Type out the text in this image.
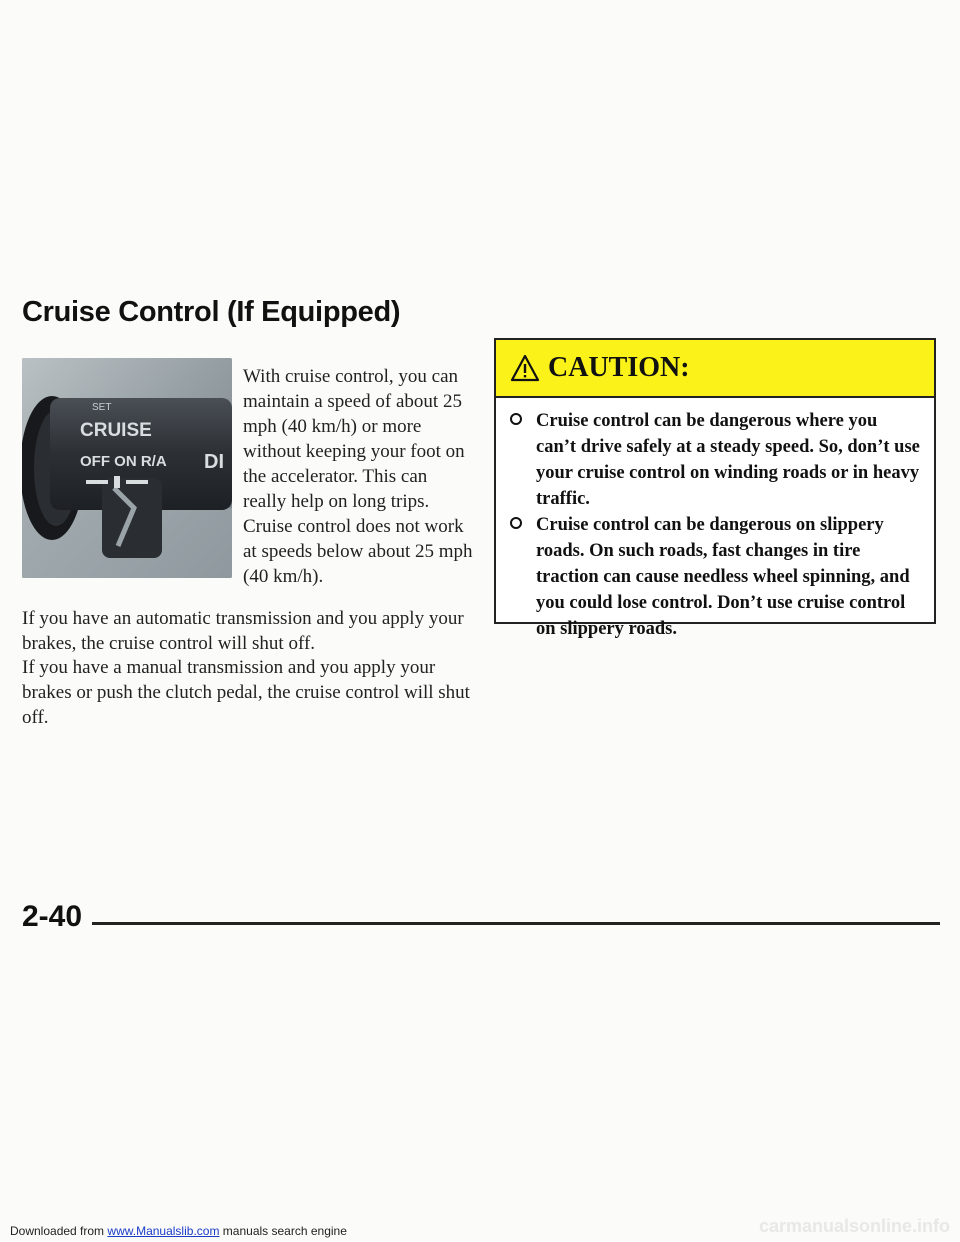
Cruise Control (If Equipped)
SET
CRUISE
OFF ON R/A DI

With cruise control, you can maintain a speed of about 25 mph (40 km/h) or more without keeping your foot on the accelerator. This can really help on long trips. Cruise control does not work at speeds below about 25 mph (40 km/h).

If you have an automatic transmission and you apply your brakes, the cruise control will shut off.

If you have a manual transmission and you apply your brakes or push the clutch pedal, the cruise control will shut off.

CAUTION:
Cruise control can be dangerous where you can’t drive safely at a steady speed. So, don’t use your cruise control on winding roads or in heavy traffic.
Cruise control can be dangerous on slippery roads. On such roads, fast changes in tire traction can cause needless wheel spinning, and you could lose control. Don’t use cruise control on slippery roads.
2-40
Downloaded from www.Manualslib.com manuals search engine	carmanualsonline.info
